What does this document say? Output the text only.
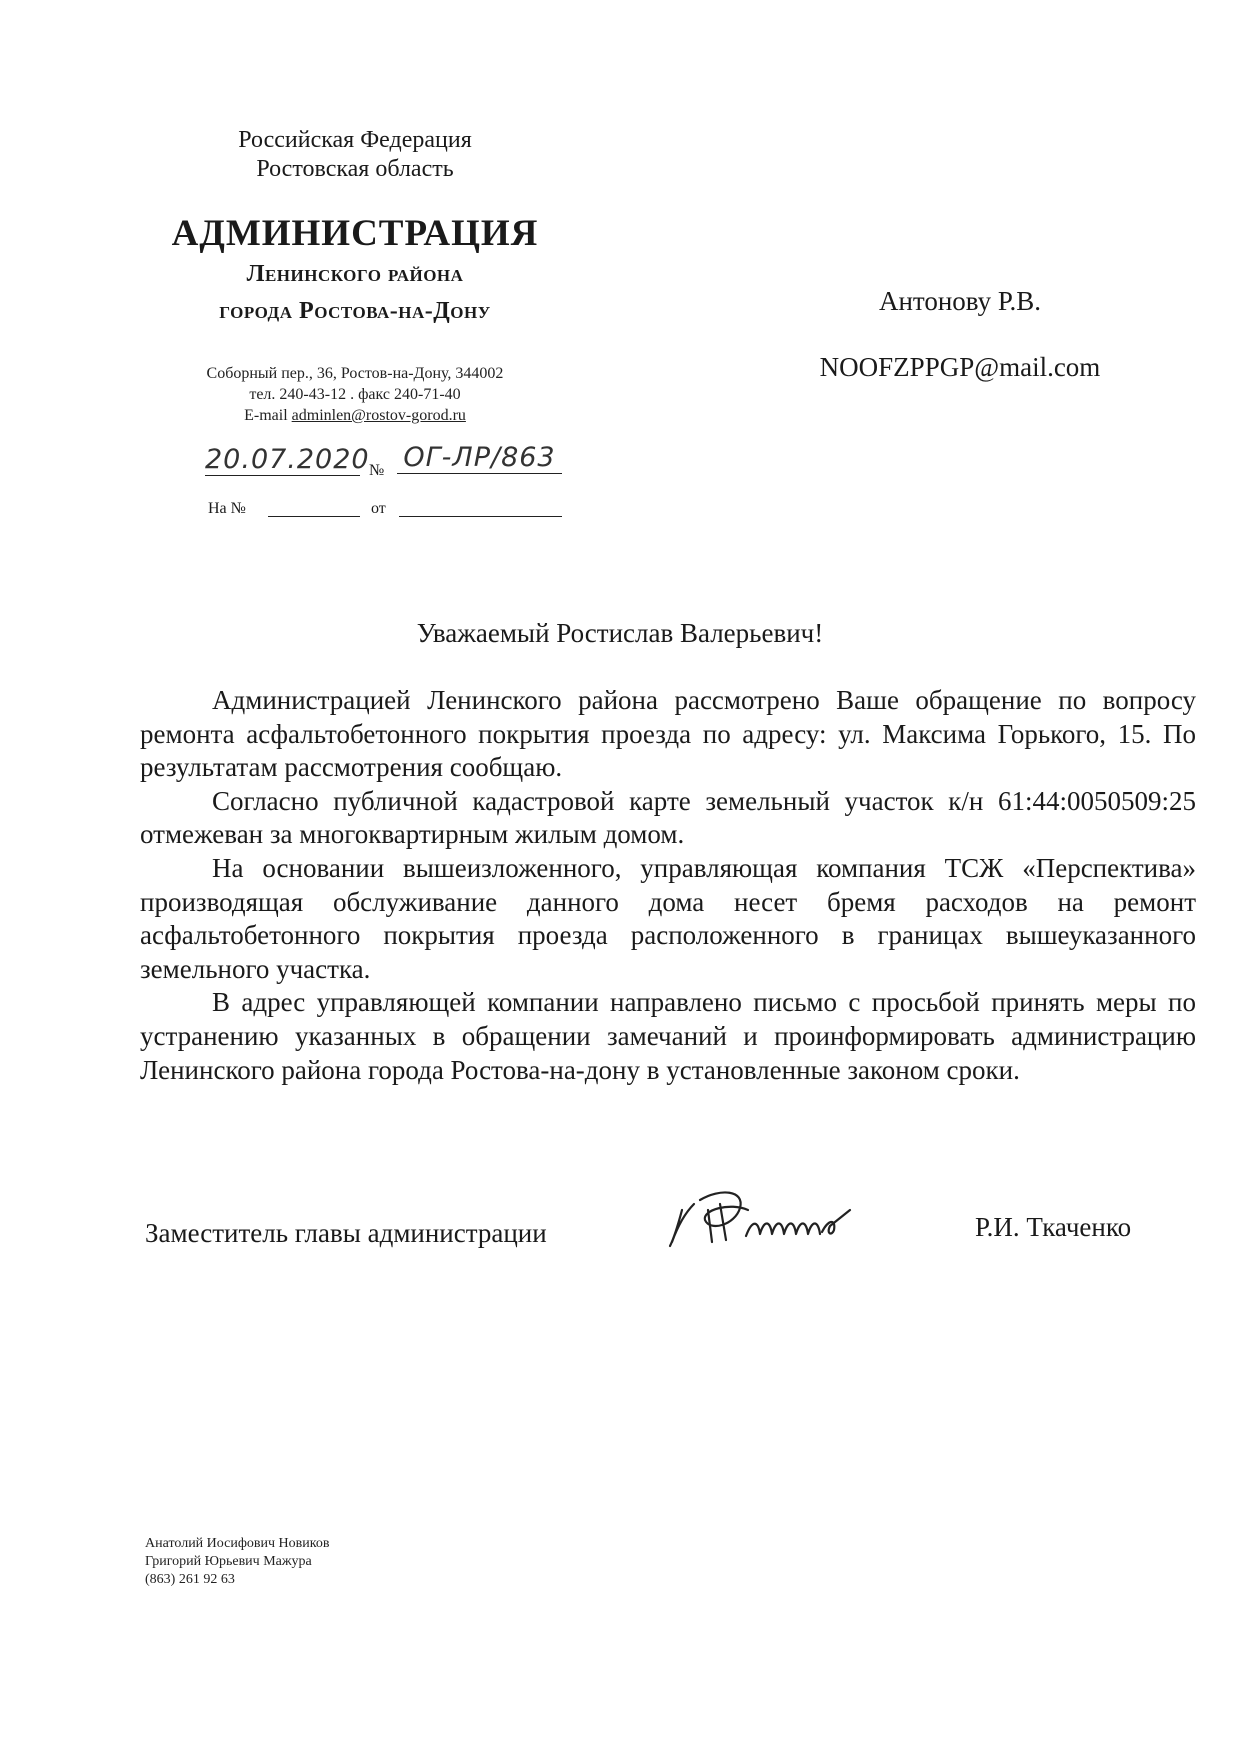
Российская Федерация
Ростовская область
АДМИНИСТРАЦИЯ
Ленинского района
города Ростова-на-Дону
Соборный пер., 36, Ростов-на-Дону, 344002
тел. 240-43-12 . факс 240-71-40
E-mail adminlen@rostov-gorod.ru
20.07.2020 № ОГ-ЛР/863
На №	от
Антонову Р.В.
NOOFZPPGP@mail.com
Уважаемый Ростислав Валерьевич!

Администрацией Ленинского района рассмотрено Ваше обращение по вопросу ремонта асфальтобетонного покрытия проезда по адресу: ул. Максима Горького, 15. По результатам рассмотрения сообщаю.

Согласно публичной кадастровой карте земельный участок к/н 61:44:0050509:25 отмежеван за многоквартирным жилым домом.

На основании вышеизложенного, управляющая компания ТСЖ «Перспектива» производящая обслуживание данного дома несет бремя расходов на ремонт асфальтобетонного покрытия проезда расположенного в границах вышеуказанного земельного участка.

В адрес управляющей компании направлено письмо с просьбой принять меры по устранению указанных в обращении замечаний и проинформировать администрацию Ленинского района города Ростова-на-дону в установленные законом сроки.

Заместитель главы администрации	Р.И. Ткаченко
Анатолий Иосифович Новиков
Григорий Юрьевич Мажура
(863) 261 92 63
